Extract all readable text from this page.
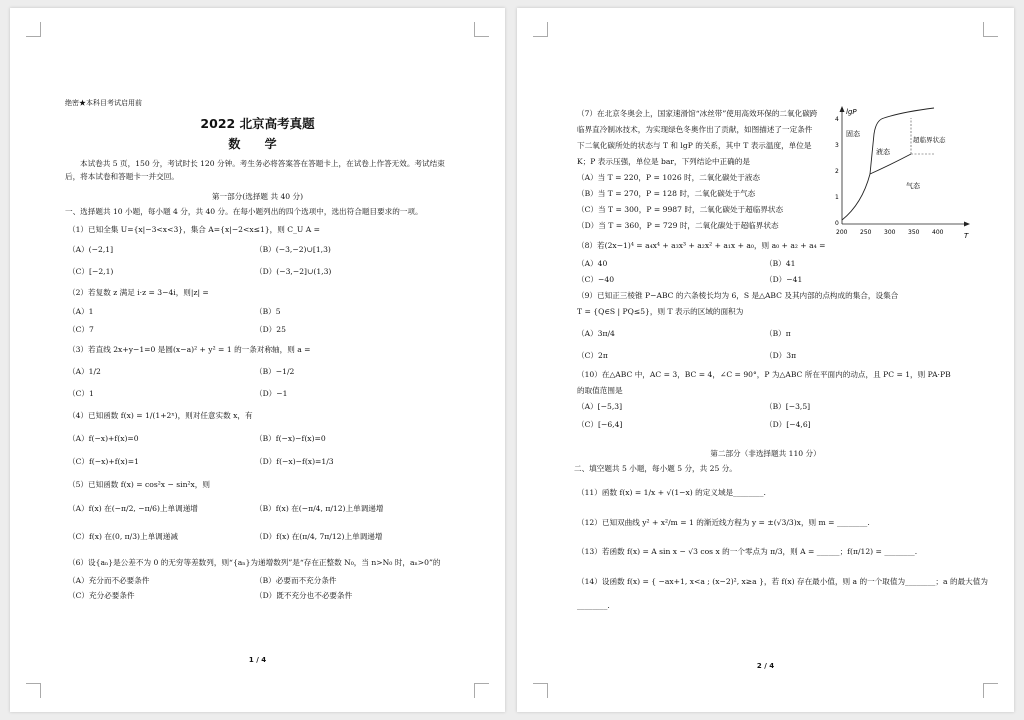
绝密★本科目考试启用前
2022 北京高考真题
数 学
本试卷共 5 页，150 分，考试时长 120 分钟。考生务必将答案答在答题卡上，在试卷上作答无效。考试结束
后，将本试卷和答题卡一并交回。
第一部分(选择题 共 40 分)
一、选择题共 10 小题，每小题 4 分，共 40 分。在每小题列出的四个选项中，选出符合题目要求的一项。
（1）已知全集 U={x|−3<x<3}，集合 A={x|−2<x≤1}，则 C_U A =
（A）(−2,1]	（B）(−3,−2)∪[1,3)
（C）[−2,1)	（D）(−3,−2]∪(1,3)
（2）若复数 z 满足 i·z = 3−4i，则|z| =
（A）1	（B）5
（C）7	（D）25
（3）若直线 2x+y−1=0 是圆(x−a)² + y² = 1 的一条对称轴，则 a =
（A）1/2	（B）−1/2
（C）1	（D）−1
（4）已知函数 f(x) = 1/(1+2ˣ)，则对任意实数 x，有
（A）f(−x)+f(x)=0	（B）f(−x)−f(x)=0
（C）f(−x)+f(x)=1	（D）f(−x)−f(x)=1/3
（5）已知函数 f(x) = cos²x − sin²x，则
（A）f(x) 在(−π/2, −π/6)上单调递增	（B）f(x) 在(−π/4, π/12)上单调递增
（C）f(x) 在(0, π/3)上单调递减	（D）f(x) 在(π/4, 7π/12)上单调递增
（6）设{aₙ}是公差不为 0 的无穷等差数列，则“{aₙ}为递增数列”是“存在正整数 N₀，当 n>N₀ 时，aₙ>0”的
（A）充分而不必要条件	（B）必要而不充分条件
（C）充分必要条件	（D）既不充分也不必要条件
1 / 4
（7）在北京冬奥会上，国家速滑馆“冰丝带”使用高效环保的二氧化碳跨
临界直冷制冰技术，为实现绿色冬奥作出了贡献，如图描述了一定条件
下二氧化碳所处的状态与 T 和 lgP 的关系，其中 T 表示温度，单位是
K；P 表示压强，单位是 bar，下列结论中正确的是
（A）当 T = 220，P = 1026 时，二氧化碳处于液态
（B）当 T = 270，P = 128 时，二氧化碳处于气态
（C）当 T = 300，P = 9987 时，二氧化碳处于超临界状态
（D）当 T = 360，P = 729 时，二氧化碳处于超临界状态
lgP
T
4
3
2
1
0
200 250 300 350 400
固态
液态
超临界状态
气态
（8）若(2x−1)⁴ = a₄x⁴ + a₃x³ + a₂x² + a₁x + a₀，则 a₀ + a₂ + a₄ =
（A）40	（B）41
（C）−40	（D）−41
（9）已知正三棱锥 P−ABC 的六条棱长均为 6，S 是△ABC 及其内部的点构成的集合，设集合
T = {Q∈S | PQ≤5}，则 T 表示的区域的面积为
（A）3π/4	（B）π
（C）2π	（D）3π
（10）在△ABC 中，AC = 3，BC = 4，∠C = 90°，P 为△ABC 所在平面内的动点，且 PC = 1，则 PA·PB
的取值范围是
（A）[−5,3]	（B）[−3,5]
（C）[−6,4]	（D）[−4,6]
第二部分（非选择题共 110 分）
二、填空题共 5 小题，每小题 5 分，共 25 分。
（11）函数 f(x) = 1/x + √(1−x) 的定义域是________.
（12）已知双曲线 y² + x²/m = 1 的渐近线方程为 y = ±(√3/3)x，则 m = ________.
（13）若函数 f(x) = A sin x − √3 cos x 的一个零点为 π/3，则 A = ______；f(π/12) = ________.
（14）设函数 f(x) = { −ax+1, x<a ; (x−2)², x≥a }，若 f(x) 存在最小值，则 a 的一个取值为________；a 的最大值为
________.
2 / 4
